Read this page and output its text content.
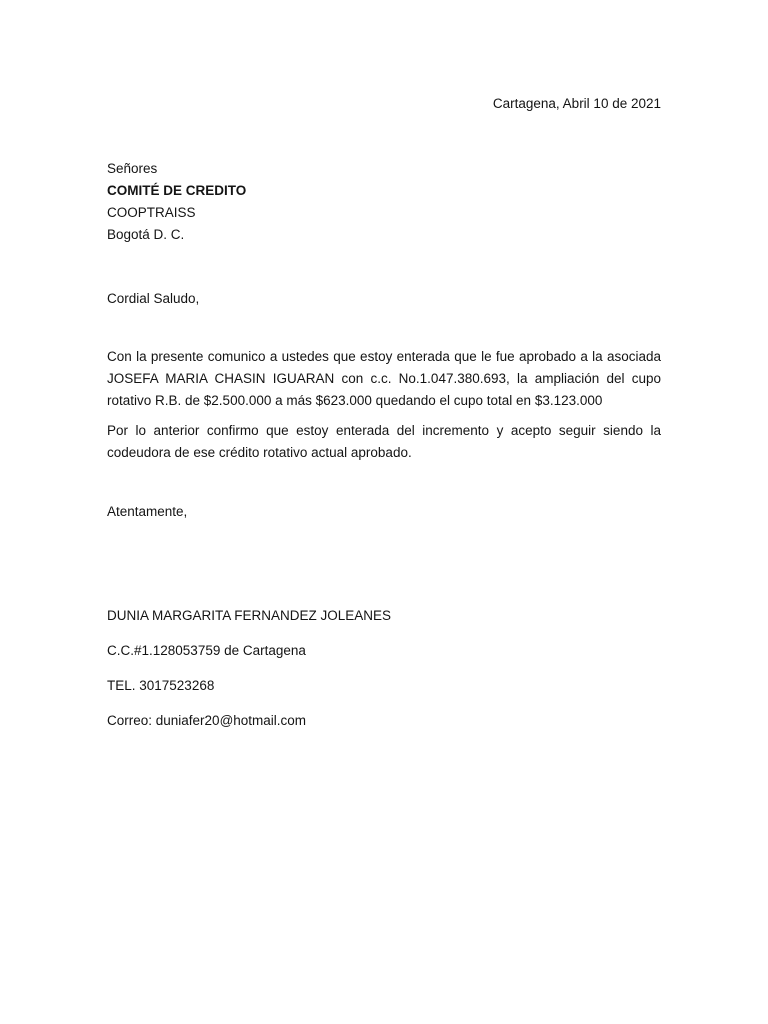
Cartagena, Abril 10 de 2021
Señores
COMITÉ DE CREDITO
COOPTRAISS
Bogotá D. C.
Cordial Saludo,
Con la presente comunico a ustedes que estoy enterada que le fue aprobado a la asociada JOSEFA MARIA CHASIN IGUARAN con c.c. No.1.047.380.693, la ampliación del cupo rotativo R.B. de $2.500.000 a más $623.000 quedando el cupo total en $3.123.000
Por lo anterior confirmo que estoy enterada del incremento y acepto seguir siendo la codeudora de ese crédito rotativo actual aprobado.
Atentamente,
DUNIA MARGARITA FERNANDEZ JOLEANES
C.C.#1.128053759 de Cartagena
TEL. 3017523268
Correo: duniafer20@hotmail.com
